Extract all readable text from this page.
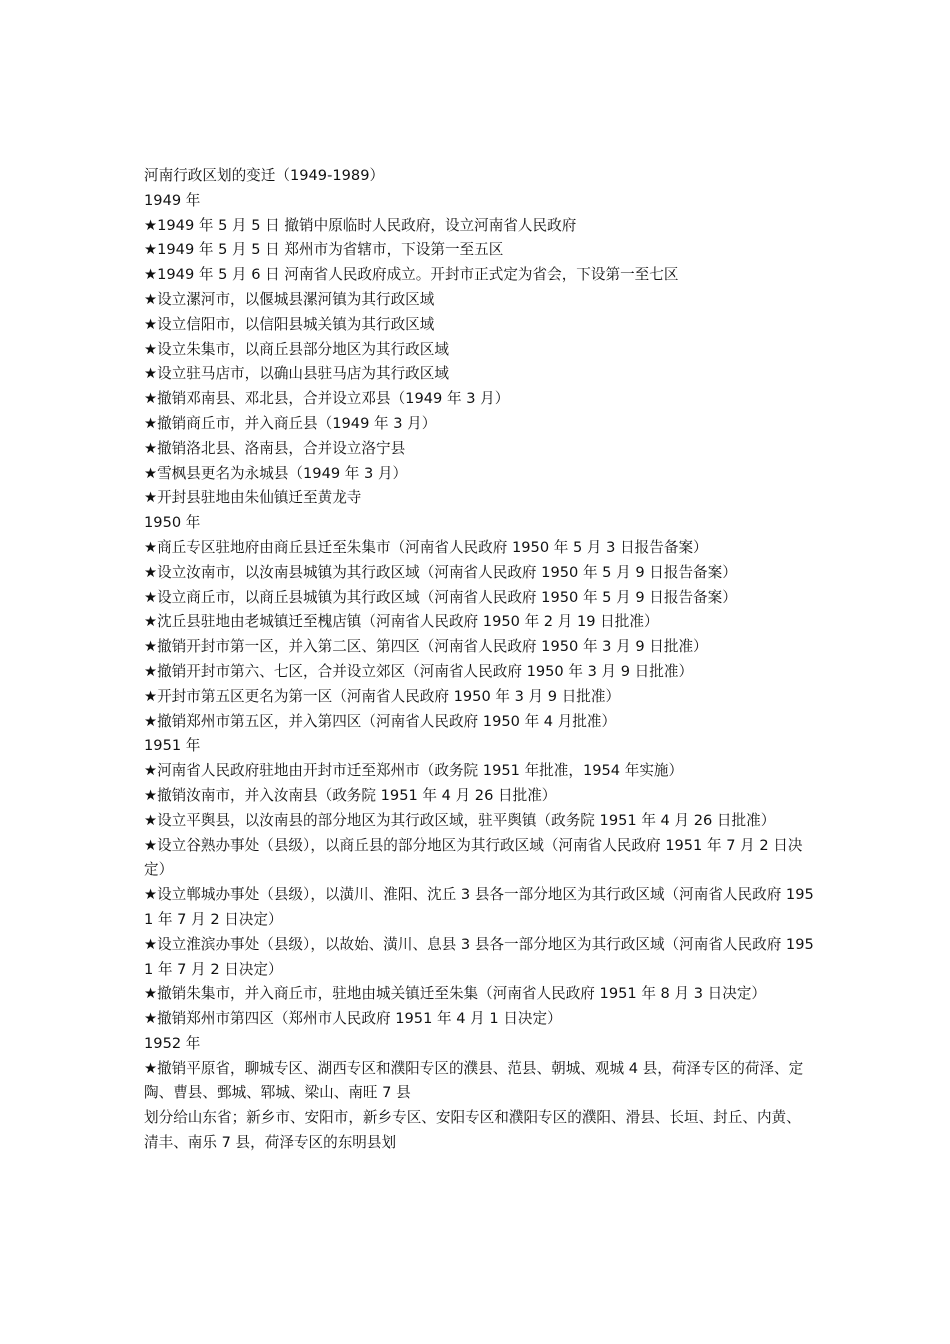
河南行政区划的变迁（1949-1989）

1949 年

★1949 年 5 月 5 日 撤销中原临时人民政府，设立河南省人民政府

★1949 年 5 月 5 日 郑州市为省辖市，下设第一至五区

★1949 年 5 月 6 日 河南省人民政府成立。开封市正式定为省会，下设第一至七区

★设立漯河市，以偃城县漯河镇为其行政区域

★设立信阳市，以信阳县城关镇为其行政区域

★设立朱集市，以商丘县部分地区为其行政区域

★设立驻马店市，以确山县驻马店为其行政区域

★撤销邓南县、邓北县，合并设立邓县（1949 年 3 月）

★撤销商丘市，并入商丘县（1949 年 3 月）

★撤销洛北县、洛南县，合并设立洛宁县

★雪枫县更名为永城县（1949 年 3 月）

★开封县驻地由朱仙镇迁至黄龙寺

1950 年

★商丘专区驻地府由商丘县迁至朱集市（河南省人民政府 1950 年 5 月 3 日报告备案）

★设立汝南市，以汝南县城镇为其行政区域（河南省人民政府 1950 年 5 月 9 日报告备案）

★设立商丘市，以商丘县城镇为其行政区域（河南省人民政府 1950 年 5 月 9 日报告备案）

★沈丘县驻地由老城镇迁至槐店镇（河南省人民政府 1950 年 2 月 19 日批准）

★撤销开封市第一区，并入第二区、第四区（河南省人民政府 1950 年 3 月 9 日批准）

★撤销开封市第六、七区，合并设立郊区（河南省人民政府 1950 年 3 月 9 日批准）

★开封市第五区更名为第一区（河南省人民政府 1950 年 3 月 9 日批准）

★撤销郑州市第五区，并入第四区（河南省人民政府 1950 年 4 月批准）

1951 年

★河南省人民政府驻地由开封市迁至郑州市（政务院 1951 年批准，1954 年实施）

★撤销汝南市，并入汝南县（政务院 1951 年 4 月 26 日批准）

★设立平舆县，以汝南县的部分地区为其行政区域，驻平舆镇（政务院 1951 年 4 月 26 日批准）

★设立谷熟办事处（县级），以商丘县的部分地区为其行政区域（河南省人民政府 1951 年 7 月 2 日决定）

★设立郸城办事处（县级），以潢川、淮阳、沈丘 3 县各一部分地区为其行政区域（河南省人民政府 1951 年 7 月 2 日决定）

★设立淮滨办事处（县级），以故始、潢川、息县 3 县各一部分地区为其行政区域（河南省人民政府 1951 年 7 月 2 日决定）

★撤销朱集市，并入商丘市，驻地由城关镇迁至朱集（河南省人民政府 1951 年 8 月 3 日决定）

★撤销郑州市第四区（郑州市人民政府 1951 年 4 月 1 日决定）

1952 年

★撤销平原省，聊城专区、湖西专区和濮阳专区的濮县、范县、朝城、观城 4 县，荷泽专区的荷泽、定陶、曹县、鄄城、郓城、梁山、南旺 7 县

划分给山东省；新乡市、安阳市，新乡专区、安阳专区和濮阳专区的濮阳、滑县、长垣、封丘、内黄、清丰、南乐 7 县，荷泽专区的东明县划
